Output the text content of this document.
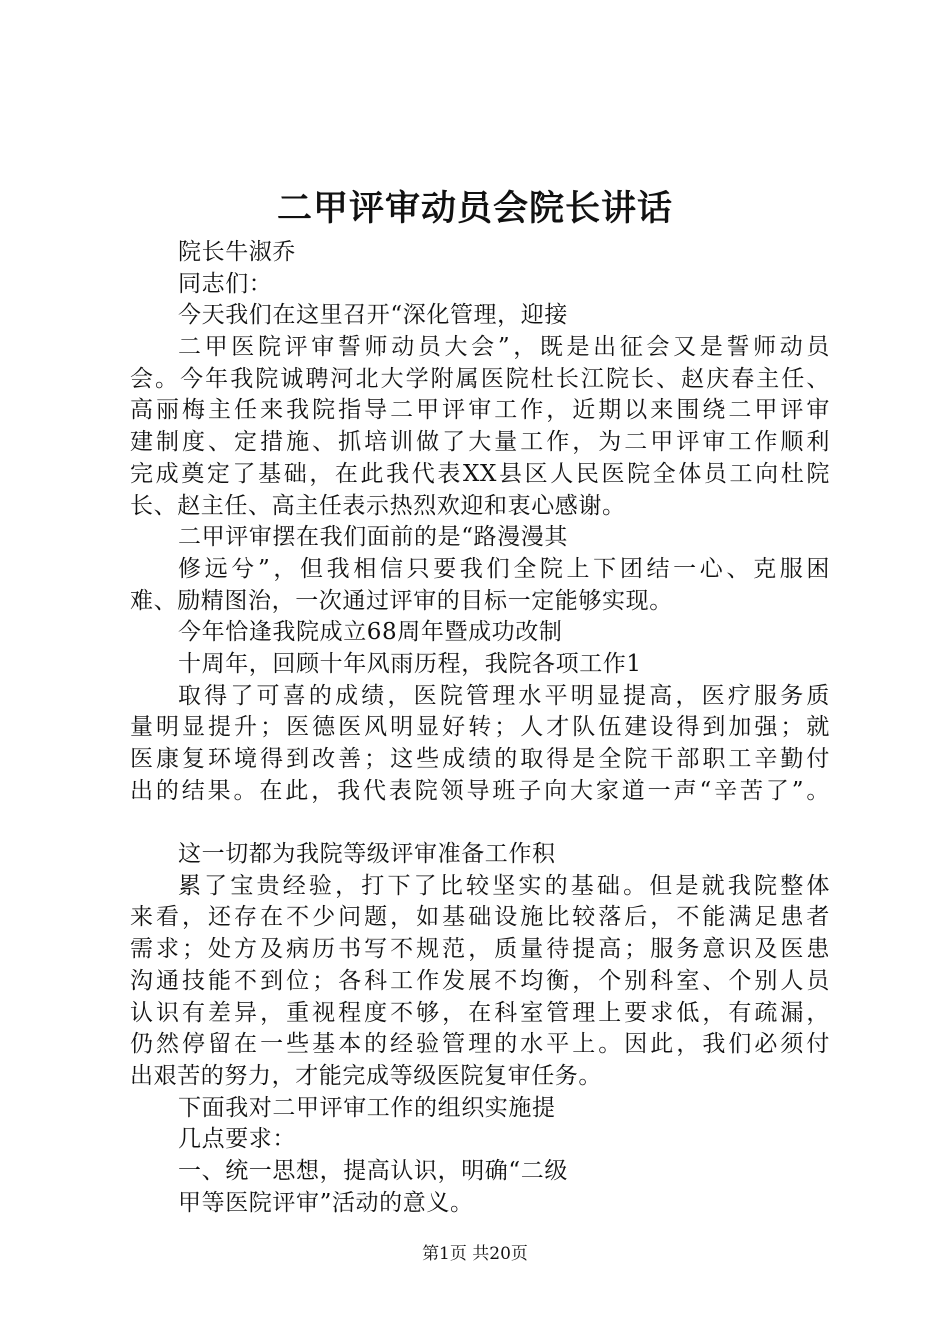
二甲评审动员会院长讲话
院长牛淑乔
同志们：
今天我们在这里召开“深化管理，迎接
二甲医院评审誓师动员大会”，既是出征会又是誓师动员
会。今年我院诚聘河北大学附属医院杜长江院长、赵庆春主任、
高丽梅主任来我院指导二甲评审工作，近期以来围绕二甲评审
建制度、定措施、抓培训做了大量工作，为二甲评审工作顺利
完成奠定了基础，在此我代表XX县区人民医院全体员工向杜院
长、赵主任、高主任表示热烈欢迎和衷心感谢。
二甲评审摆在我们面前的是“路漫漫其
修远兮”，但我相信只要我们全院上下团结一心、克服困
难、励精图治，一次通过评审的目标一定能够实现。
今年恰逢我院成立68周年暨成功改制
十周年，回顾十年风雨历程，我院各项工作1
取得了可喜的成绩，医院管理水平明显提高，医疗服务质
量明显提升；医德医风明显好转；人才队伍建设得到加强；就
医康复环境得到改善；这些成绩的取得是全院干部职工辛勤付
出的结果。在此，我代表院领导班子向大家道一声“辛苦了”。
这一切都为我院等级评审准备工作积
累了宝贵经验，打下了比较坚实的基础。但是就我院整体
来看，还存在不少问题，如基础设施比较落后，不能满足患者
需求；处方及病历书写不规范，质量待提高；服务意识及医患
沟通技能不到位；各科工作发展不均衡，个别科室、个别人员
认识有差异，重视程度不够，在科室管理上要求低，有疏漏，
仍然停留在一些基本的经验管理的水平上。因此，我们必须付
出艰苦的努力，才能完成等级医院复审任务。
下面我对二甲评审工作的组织实施提
几点要求：
一、统一思想，提高认识，明确“二级
甲等医院评审”活动的意义。
第1页 共20页
